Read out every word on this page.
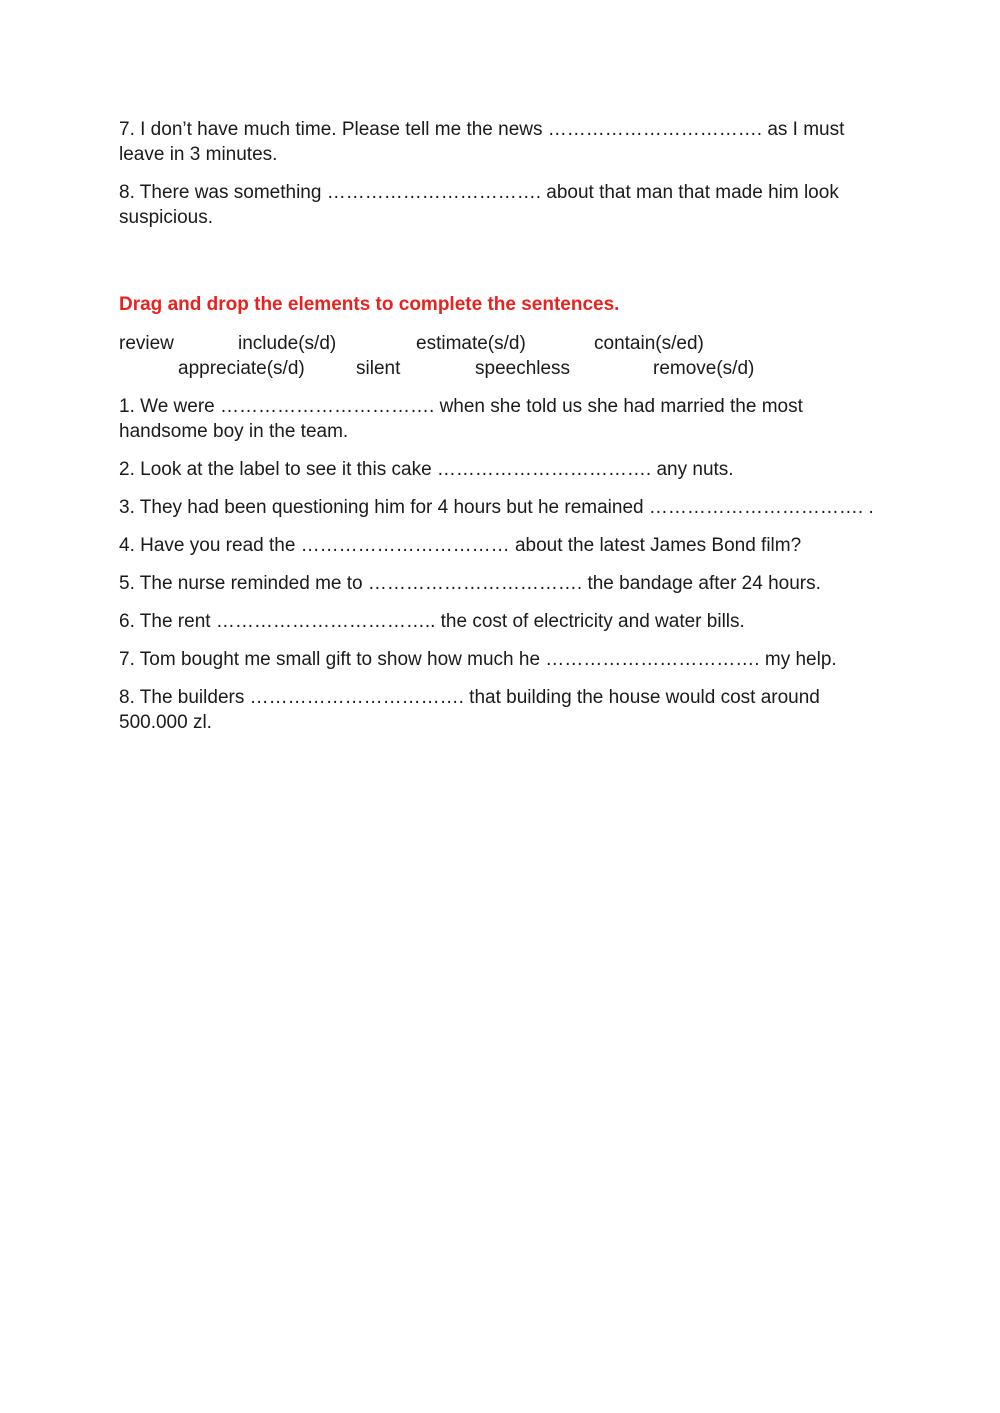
7. I don’t have much time. Please tell me the news ……………………………. as I must leave in 3 minutes.

8. There was something ……………………………. about that man that made him look suspicious.

Drag and drop the elements to complete the sentences.

review	include(s/d)	estimate(s/d)	contain(s/ed)
appreciate(s/d)	silent	speechless	remove(s/d)

1. We were ……………………………. when she told us she had married the most handsome boy in the team.

2. Look at the label to see it this cake ……………………………. any nuts.

3. They had been questioning him for 4 hours but he remained ……………………………. .

4. Have you read the …………………………… about the latest James Bond film?

5. The nurse reminded me to ……………………………. the bandage after 24 hours.

6. The rent …………………………….. the cost of electricity and water bills.

7. Tom bought me small gift to show how much he ……………………………. my help.

8. The builders ……………………………. that building the house would cost around 500.000 zl.
